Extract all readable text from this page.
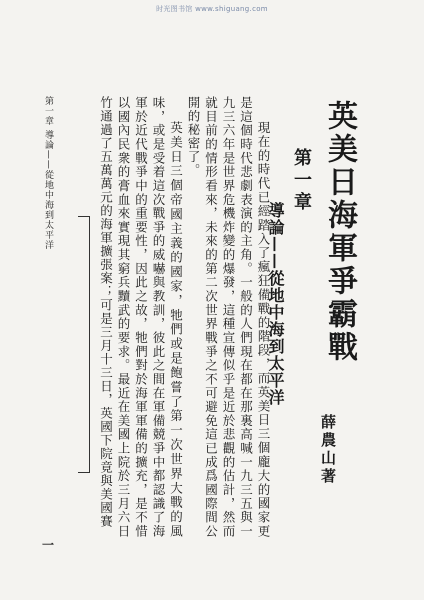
时光图书馆 www.shiguang.com
英美日海軍爭霸戰
第一章
導論——從地中海到太平洋
薛農山著

現在的時代已經踏入了瘋狂備戰的階段，而英美日三個龐大的國家更是這個時代悲劇表演的主角。一般的人們現在都在那裏高喊一九三五與一九三六年是世界危機炸變的爆發，這種宣傳似乎是近於悲觀的估計，然而就目前的情形看來，未來的第二次世界戰爭之不可避免這已成爲國際間公開的秘密了。

英美日三個帝國主義的國家，牠們或是飽嘗了第一次世界大戰的風味，或是受着這次戰爭的威嚇與教訓，彼此之間在軍備競爭中都認識了海軍於近代戰爭中的重要性，因此之故，牠們對於海軍軍備的擴充，是不惜以國內民衆的膏血來實現其窮兵黷武的要求。最近在美國上院於三月六日竹通過了五萬萬元的海軍擴張案；可是三月十三日，英國下院竟與美國賽

第一章 導論——從地中海到太平洋
一
